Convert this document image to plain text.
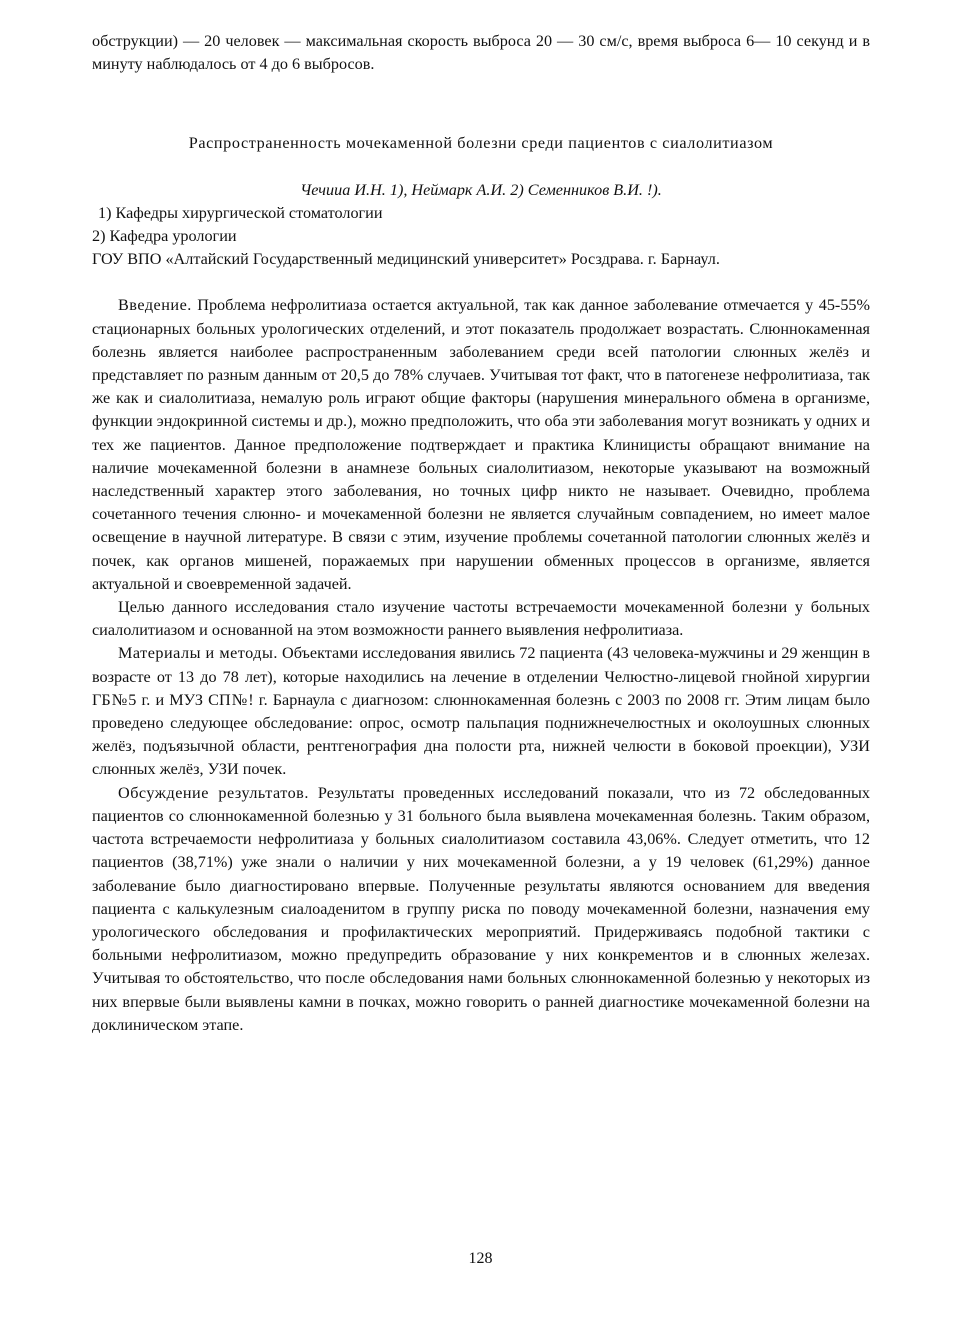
обструкции) — 20 человек — максимальная скорость выброса 20 — 30 см/с, время выброса 6— 10 секунд и в минуту наблюдалось от 4 до 6 выбросов.

Распространенность мочекаменной болезни среди пациентов с сиалолитиазом

Чечииа И.Н. 1), Неймарк А.И. 2) Семенников В.И. !).

1) Кафедры хирургической стоматологии

2) Кафедра урологии

ГОУ ВПО «Алтайский Государственный медицинский университет» Росздрава. г. Барнаул.

Введение. Проблема нефролитиаза остается актуальной, так как данное заболевание отмечается у 45-55% стационарных больных урологических отделений, и этот показатель продолжает возрастать. Слюннокаменная болезнь является наиболее распространенным заболеванием среди всей патологии слюнных желёз и представляет по разным данным от 20,5 до 78% случаев. Учитывая тот факт, что в патогенезе нефролитиаза, так же как и сиалолитиаза, немалую роль играют общие факторы (нарушения минерального обмена в организме, функции эндокринной системы и др.), можно предположить, что оба эти заболевания могут возникать у одних и тех же пациентов. Данное предположение подтверждает и практика Клиницисты обращают внимание на наличие мочекаменной болезни в анамнезе больных сиалолитиазом, некоторые указывают на возможный наследственный характер этого заболевания, но точных цифр никто не называет. Очевидно, проблема сочетанного течения слюнно- и мочекаменной болезни не является случайным совпадением, но имеет малое освещение в научной литературе. В связи с этим, изучение проблемы сочетанной патологии слюнных желёз и почек, как органов мишеней, поражаемых при нарушении обменных процессов в организме, является актуальной и своевременной задачей.

Целью данного исследования стало изучение частоты встречаемости мочекаменной болезни у больных сиалолитиазом и основанной на этом возможности раннего выявления нефролитиаза.

Материалы и методы. Объектами исследования явились 72 пациента (43 человека-мужчины и 29 женщин в возрасте от 13 до 78 лет), которые находились на лечение в отделении Челюстно-лицевой гнойной хирургии ГБ№5 г. и МУЗ СП№! г. Барнаула с диагнозом: слюннокаменная болезнь с 2003 по 2008 гг. Этим лицам было проведено следующее обследование: опрос, осмотр пальпация поднижнечелюстных и околоушных слюнных желёз, подъязычной области, рентгенография дна полости рта, нижней челюсти в боковой проекции), УЗИ слюнных желёз, УЗИ почек.

Обсуждение результатов. Результаты проведенных исследований показали, что из 72 обследованных пациентов со слюннокаменной болезнью у 31 больного была выявлена мочекаменная болезнь. Таким образом, частота встречаемости нефролитиаза у больных сиалолитиазом составила 43,06%. Следует отметить, что 12 пациентов (38,71%) уже знали о наличии у них мочекаменной болезни, а у 19 человек (61,29%) данное заболевание было диагностировано впервые. Полученные результаты являются основанием для введения пациента с калькулезным сиалоаденитом в группу риска по поводу мочекаменной болезни, назначения ему урологического обследования и профилактических мероприятий. Придерживаясь подобной тактики с больными нефролитиазом, можно предупредить образование у них конкрементов и в слюнных железах. Учитывая то обстоятельство, что после обследования нами больных слюннокаменной болезнью у некоторых из них впервые были выявлены камни в почках, можно говорить о ранней диагностике мочекаменной болезни на доклиническом этапе.

128
